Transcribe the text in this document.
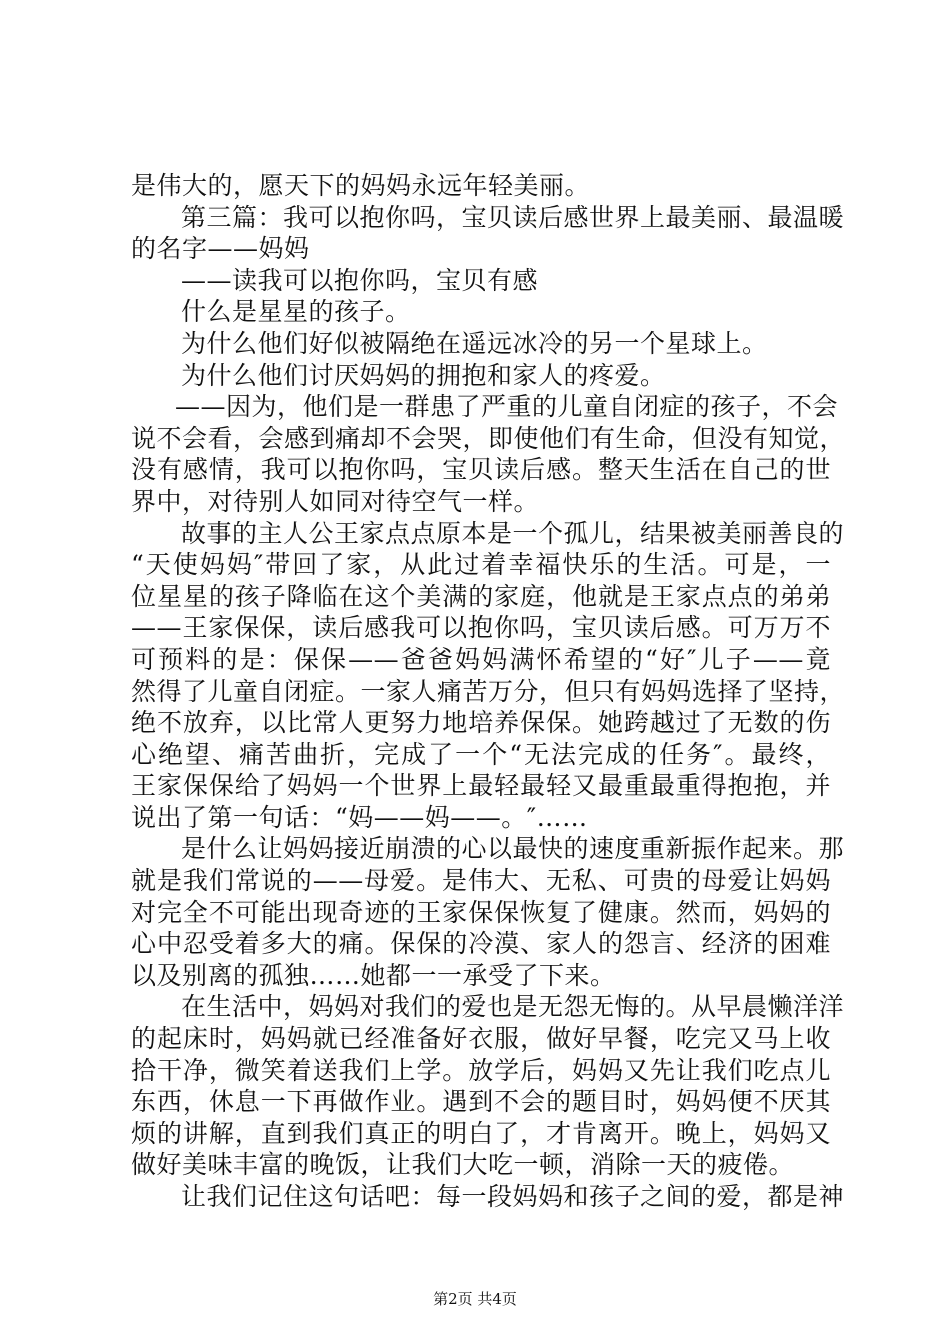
是伟大的，愿天下的妈妈永远年轻美丽。
第三篇：我可以抱你吗，宝贝读后感世界上最美丽、最温暖
的名字——妈妈
——读我可以抱你吗，宝贝有感
什么是星星的孩子。
为什么他们好似被隔绝在遥远冰冷的另一个星球上。
为什么他们讨厌妈妈的拥抱和家人的疼爱。
——因为，他们是一群患了严重的儿童自闭症的孩子，不会
说不会看，会感到痛却不会哭，即使他们有生命，但没有知觉，
没有感情，我可以抱你吗，宝贝读后感。整天生活在自己的世
界中，对待别人如同对待空气一样。
故事的主人公王家点点原本是一个孤儿，结果被美丽善良的
“天使妈妈″带回了家，从此过着幸福快乐的生活。可是，一
位星星的孩子降临在这个美满的家庭，他就是王家点点的弟弟
——王家保保，读后感我可以抱你吗，宝贝读后感。可万万不
可预料的是：保保——爸爸妈妈满怀希望的“好″儿子——竟
然得了儿童自闭症。一家人痛苦万分，但只有妈妈选择了坚持，
绝不放弃，以比常人更努力地培养保保。她跨越过了无数的伤
心绝望、痛苦曲折，完成了一个“无法完成的任务″。最终，
王家保保给了妈妈一个世界上最轻最轻又最重最重得抱抱，并
说出了第一句话：“妈——妈——。″……
是什么让妈妈接近崩溃的心以最快的速度重新振作起来。那
就是我们常说的——母爱。是伟大、无私、可贵的母爱让妈妈
对完全不可能出现奇迹的王家保保恢复了健康。然而，妈妈的
心中忍受着多大的痛。保保的冷漠、家人的怨言、经济的困难
以及别离的孤独……她都一一承受了下来。
在生活中，妈妈对我们的爱也是无怨无悔的。从早晨懒洋洋
的起床时，妈妈就已经准备好衣服，做好早餐，吃完又马上收
拾干净，微笑着送我们上学。放学后，妈妈又先让我们吃点儿
东西，休息一下再做作业。遇到不会的题目时，妈妈便不厌其
烦的讲解，直到我们真正的明白了，才肯离开。晚上，妈妈又
做好美味丰富的晚饭，让我们大吃一顿，消除一天的疲倦。
让我们记住这句话吧：每一段妈妈和孩子之间的爱，都是神
第2页 共4页
